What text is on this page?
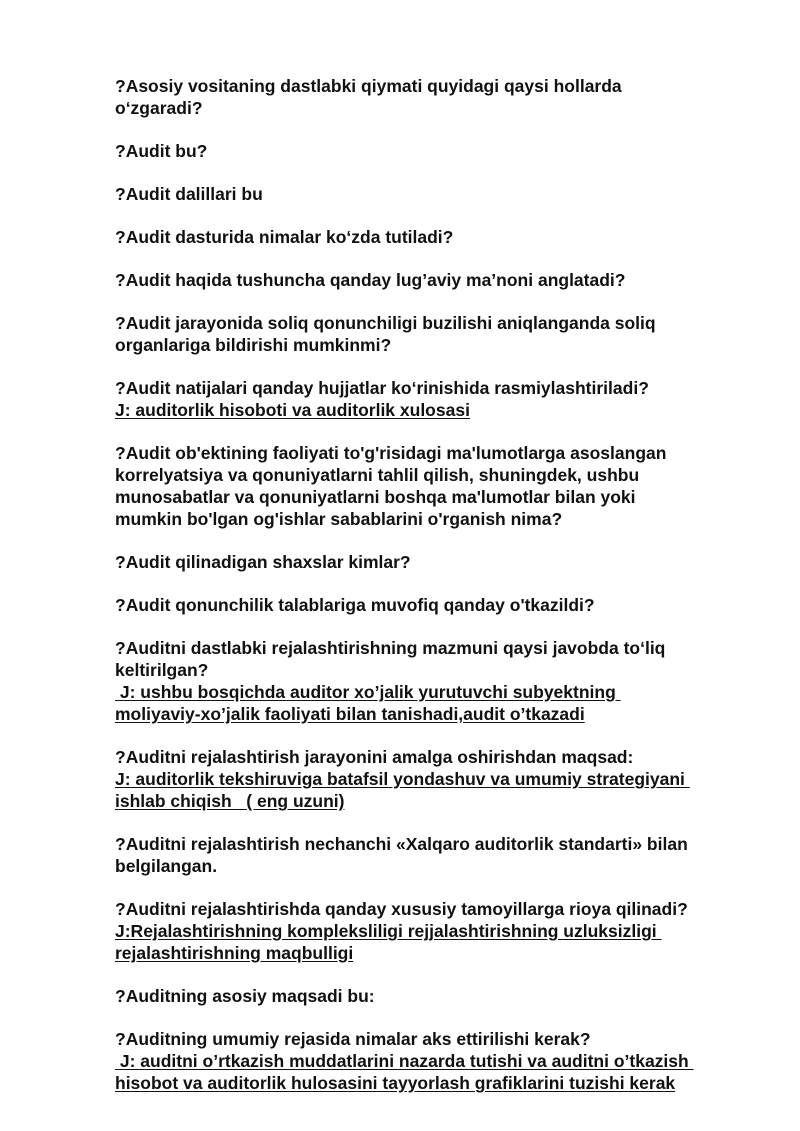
?Asosiy vositaning dastlabki qiymati quyidagi qaysi hollarda
o‘zgaradi?

?Audit bu?

?Audit dalillari bu

?Audit dasturida nimalar ko‘zda tutiladi?

?Audit haqida tushuncha qanday lug’aviy ma’noni anglatadi?

?Audit jarayonida soliq qonunchiligi buzilishi aniqlanganda soliq
organlariga bildirishi mumkinmi?

?Audit natijalari qanday hujjatlar ko‘rinishida rasmiylashtiriladi?

J: auditorlik hisoboti va auditorlik xulosasi

?Audit ob'ektining faoliyati to'g'risidagi ma'lumotlarga asoslangan
korrelyatsiya va qonuniyatlarni tahlil qilish, shuningdek, ushbu
munosabatlar va qonuniyatlarni boshqa ma'lumotlar bilan yoki
mumkin bo'lgan og'ishlar sabablarini o'rganish nima?

?Audit qilinadigan shaxslar kimlar?

?Audit qonunchilik talablariga muvofiq qanday o'tkazildi?

?Auditni dastlabki rejalashtirishning mazmuni qaysi javobda to‘liq
keltirilgan?

J: ushbu bosqichda auditor xo’jalik yurutuvchi subyektning
moliyaviy-xo’jalik faoliyati bilan tanishadi,audit o’tkazadi

?Auditni rejalashtirish jarayonini amalga oshirishdan maqsad:

J: auditorlik tekshiruviga batafsil yondashuv va umumiy strategiyani
ishlab chiqish   ( eng uzuni)

?Auditni rejalashtirish nechanchi «Xalqaro auditorlik standarti» bilan
belgilangan.

?Auditni rejalashtirishda qanday xususiy tamoyillarga rioya qilinadi?

J:Rejalashtirishning kompleksliligi rejjalashtirishning uzluksizligi
rejalashtirishning maqbulligi

?Auditning asosiy maqsadi bu:

?Auditning umumiy rejasida nimalar aks ettirilishi kerak?

J: auditni o’rtkazish muddatlarini nazarda tutishi va auditni o’tkazish
hisobot va auditorlik hulosasini tayyorlash grafiklarini tuzishi kerak
